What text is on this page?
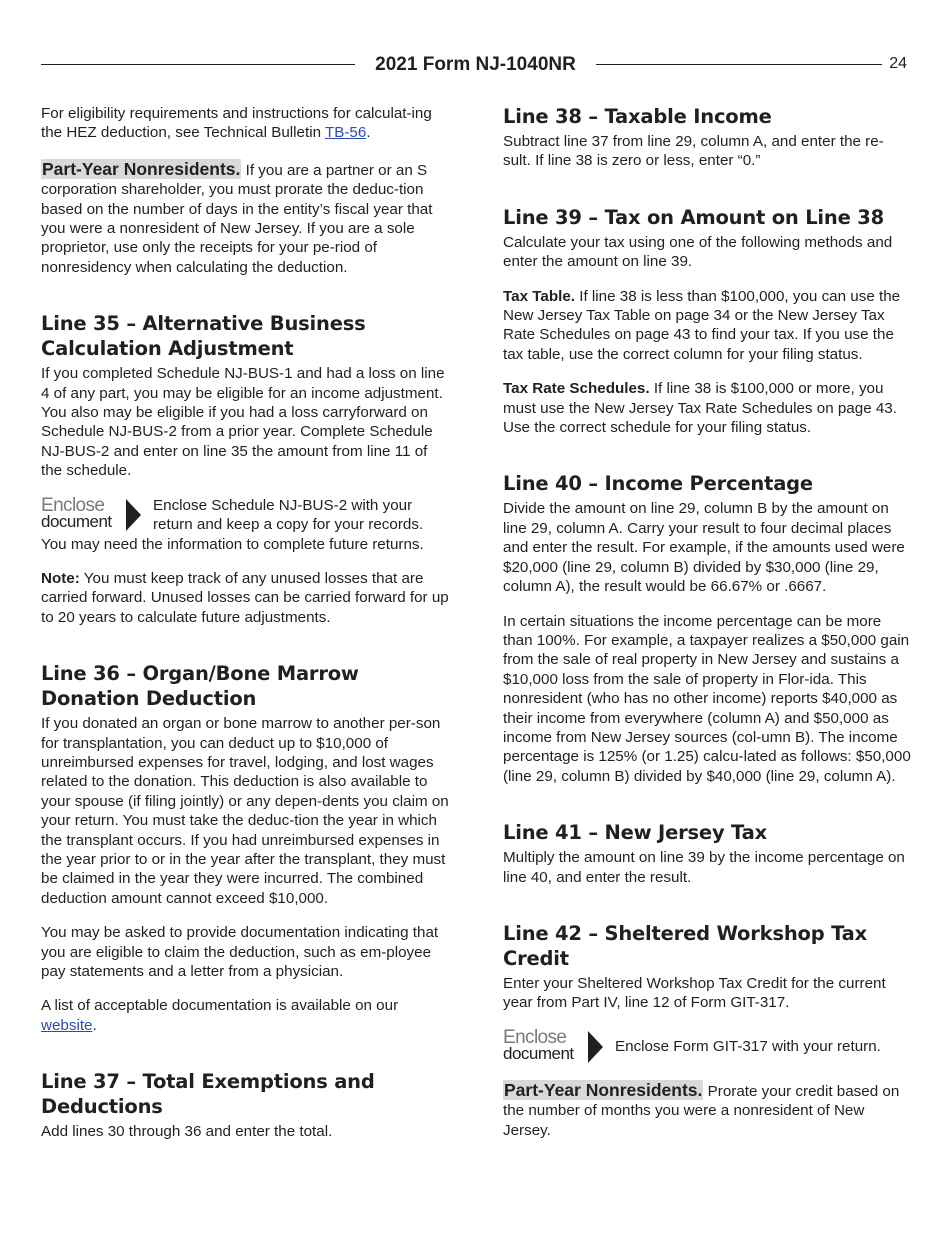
2021 Form NJ-1040NR	24

For eligibility requirements and instructions for calculat-ing the HEZ deduction, see Technical Bulletin TB-56.

Part-Year Nonresidents. If you are a partner or an S corporation shareholder, you must prorate the deduc-tion based on the number of days in the entity’s fiscal year that you were a nonresident of New Jersey. If you are a sole proprietor, use only the receipts for your pe-riod of nonresidency when calculating the deduction.

Line 35 – Alternative Business Calculation Adjustment

If you completed Schedule NJ-BUS-1 and had a loss on line 4 of any part, you may be eligible for an income adjustment. You also may be eligible if you had a loss carryforward on Schedule NJ-BUS-2 from a prior year. Complete Schedule NJ-BUS-2 and enter on line 35 the amount from line 11 of the schedule.

Enclose
document

Enclose Schedule NJ-BUS-2 with your return and keep a copy for your records. You may need the information to complete future returns.

Note: You must keep track of any unused losses that are carried forward. Unused losses can be carried forward for up to 20 years to calculate future adjustments.

Line 36 – Organ/Bone Marrow Donation Deduction

If you donated an organ or bone marrow to another per-son for transplantation, you can deduct up to $10,000 of unreimbursed expenses for travel, lodging, and lost wages related to the donation. This deduction is also available to your spouse (if filing jointly) or any depen-dents you claim on your return. You must take the deduc-tion the year in which the transplant occurs. If you had unreimbursed expenses in the year prior to or in the year after the transplant, they must be claimed in the year they were incurred. The combined deduction amount cannot exceed $10,000.

You may be asked to provide documentation indicating that you are eligible to claim the deduction, such as em-ployee pay statements and a letter from a physician.

A list of acceptable documentation is available on our website.

Line 37 – Total Exemptions and Deductions

Add lines 30 through 36 and enter the total.

Line 38 – Taxable Income

Subtract line 37 from line 29, column A, and enter the re-sult. If line 38 is zero or less, enter “0.”

Line 39 – Tax on Amount on Line 38

Calculate your tax using one of the following methods and enter the amount on line 39.

Tax Table. If line 38 is less than $100,000, you can use the New Jersey Tax Table on page 34 or the New Jersey Tax Rate Schedules on page 43 to find your tax. If you use the tax table, use the correct column for your filing status.

Tax Rate Schedules. If line 38 is $100,000 or more, you must use the New Jersey Tax Rate Schedules on page 43. Use the correct schedule for your filing status.

Line 40 – Income Percentage

Divide the amount on line 29, column B by the amount on line 29, column A. Carry your result to four decimal places and enter the result. For example, if the amounts used were $20,000 (line 29, column B) divided by $30,000 (line 29, column A), the result would be 66.67% or .6667.

In certain situations the income percentage can be more than 100%. For example, a taxpayer realizes a $50,000 gain from the sale of real property in New Jersey and sustains a $10,000 loss from the sale of property in Flor-ida. This nonresident (who has no other income) reports $40,000 as their income from everywhere (column A) and $50,000 as income from New Jersey sources (col-umn B). The income percentage is 125% (or 1.25) calcu-lated as follows: $50,000 (line 29, column B) divided by $40,000 (line 29, column A).

Line 41 – New Jersey Tax

Multiply the amount on line 39 by the income percentage on line 40, and enter the result.

Line 42 – Sheltered Workshop Tax Credit

Enter your Sheltered Workshop Tax Credit for the current year from Part IV, line 12 of Form GIT-317.

Enclose
document	Enclose Form GIT-317 with your return.

Part-Year Nonresidents. Prorate your credit based on the number of months you were a nonresident of New Jersey.
